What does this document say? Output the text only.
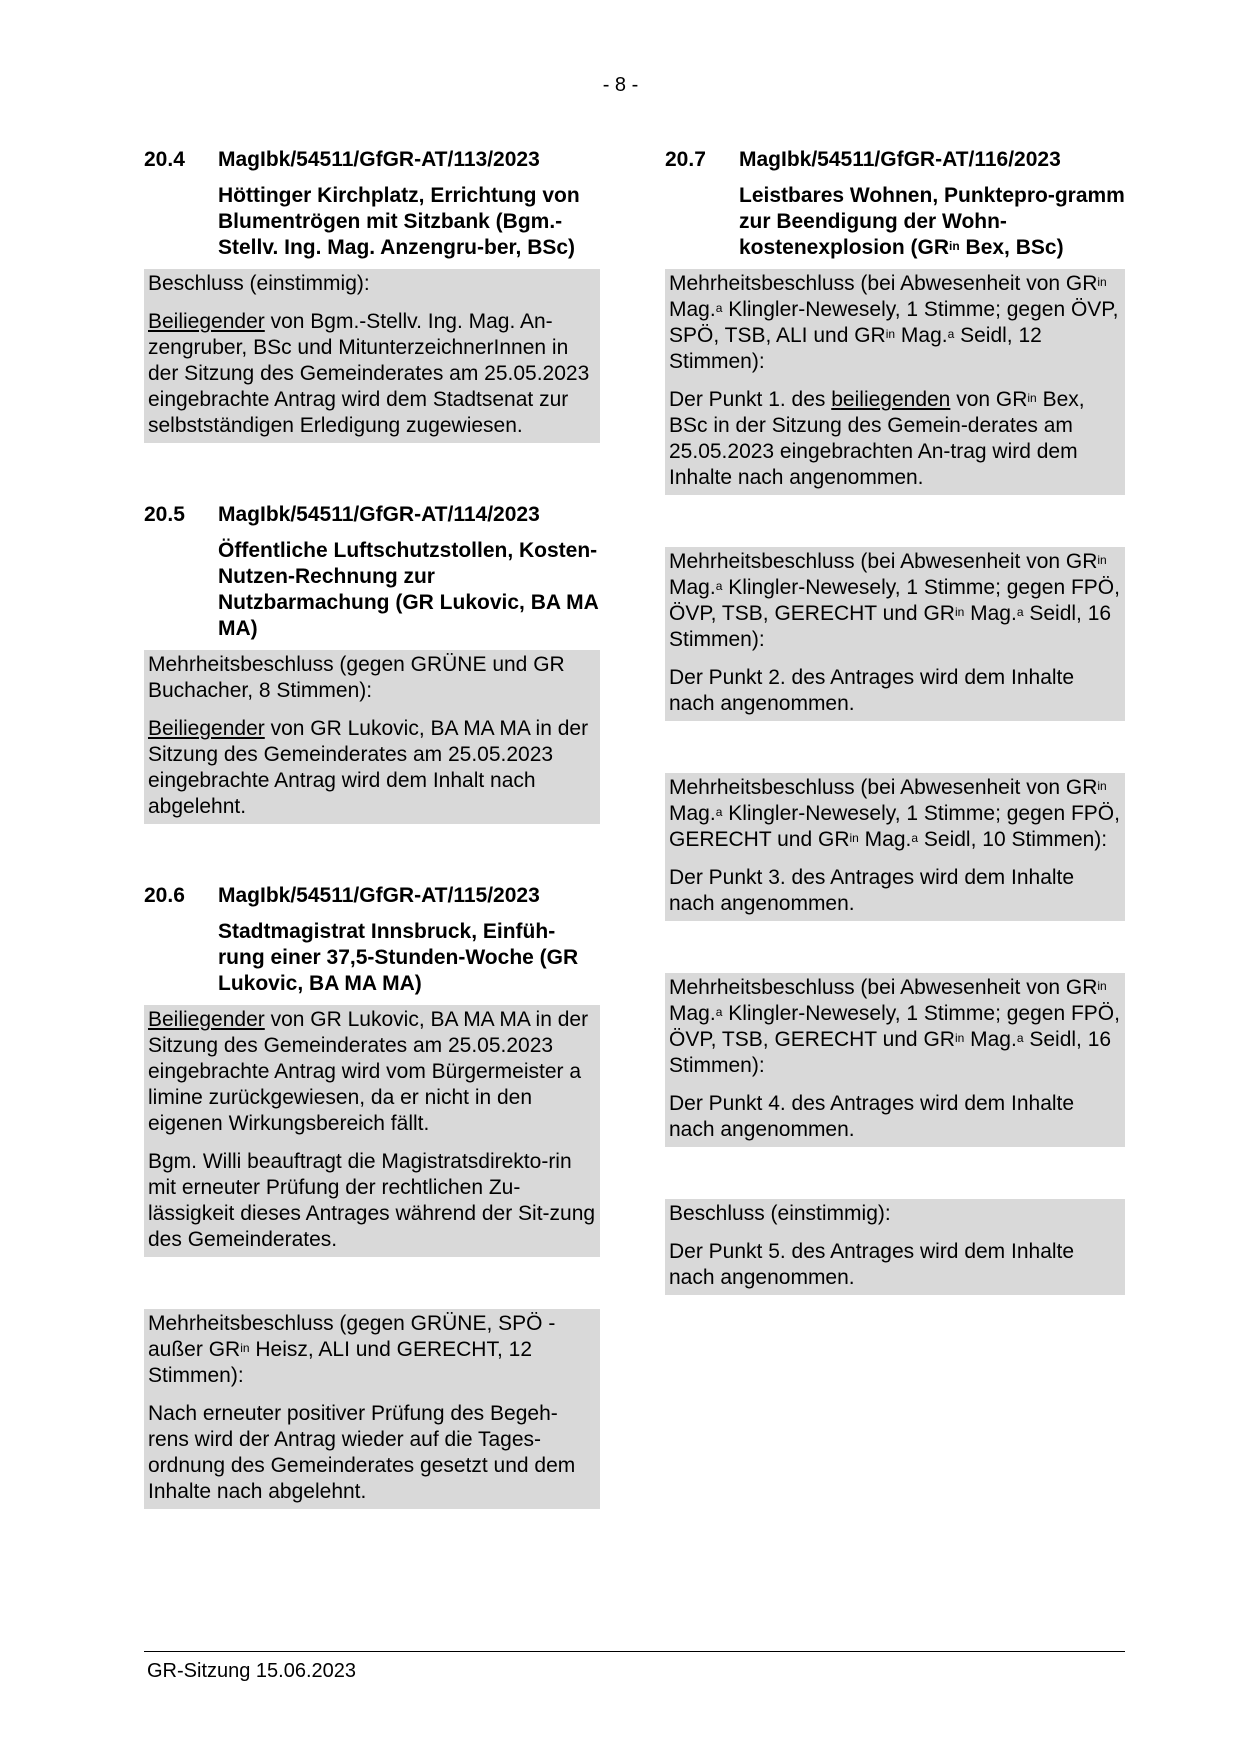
- 8 -
20.4	MagIbk/54511/GfGR-AT/113/2023
Höttinger Kirchplatz, Errichtung von Blumentrögen mit Sitzbank (Bgm.-Stellv. Ing. Mag. Anzengru-ber, BSc)

Beschluss (einstimmig):

Beiliegender von Bgm.-Stellv. Ing. Mag. An-zengruber, BSc und MitunterzeichnerInnen in der Sitzung des Gemeinderates am 25.05.2023 eingebrachte Antrag wird dem Stadtsenat zur selbstständigen Erledigung zugewiesen.

20.5	MagIbk/54511/GfGR-AT/114/2023
Öffentliche Luftschutzstollen, Kosten-Nutzen-Rechnung zur Nutzbarmachung (GR Lukovic, BA MA MA)

Mehrheitsbeschluss (gegen GRÜNE und GR Buchacher, 8 Stimmen):

Beiliegender von GR Lukovic, BA MA MA in der Sitzung des Gemeinderates am 25.05.2023 eingebrachte Antrag wird dem Inhalt nach abgelehnt.

20.6	MagIbk/54511/GfGR-AT/115/2023
Stadtmagistrat Innsbruck, Einfüh-rung einer 37,5-Stunden-Woche (GR Lukovic, BA MA MA)

Beiliegender von GR Lukovic, BA MA MA in der Sitzung des Gemeinderates am 25.05.2023 eingebrachte Antrag wird vom Bürgermeister a limine zurückgewiesen, da er nicht in den eigenen Wirkungsbereich fällt.

Bgm. Willi beauftragt die Magistratsdirekto-rin mit erneuter Prüfung der rechtlichen Zu-lässigkeit dieses Antrages während der Sit-zung des Gemeinderates.

Mehrheitsbeschluss (gegen GRÜNE, SPÖ - außer $GR^{in}$ Heisz, ALI und GERECHT, 12 Stimmen):

Nach erneuter positiver Prüfung des Begeh-rens wird der Antrag wieder auf die Tages-ordnung des Gemeinderates gesetzt und dem Inhalte nach abgelehnt.

20.7	MagIbk/54511/GfGR-AT/116/2023
Leistbares Wohnen, Punktepro-gramm zur Beendigung der Wohn-kostenexplosion ($GR^{in}$ Bex, BSc)

Mehrheitsbeschluss (bei Abwesenheit von $GR^{in}$ Mag.$^a$ Klingler-Newesely, 1 Stimme; gegen ÖVP, SPÖ, TSB, ALI und $GR^{in}$ Mag.$^a$ Seidl, 12 Stimmen):

Der Punkt 1. des beiliegenden von $GR^{in}$ Bex, BSc in der Sitzung des Gemein-derates am 25.05.2023 eingebrachten An-trag wird dem Inhalte nach angenommen.

Mehrheitsbeschluss (bei Abwesenheit von $GR^{in}$ Mag.$^a$ Klingler-Newesely, 1 Stimme; gegen FPÖ, ÖVP, TSB, GERECHT und $GR^{in}$ Mag.$^a$ Seidl, 16 Stimmen):

Der Punkt 2. des Antrages wird dem Inhalte nach angenommen.

Mehrheitsbeschluss (bei Abwesenheit von $GR^{in}$ Mag.$^a$ Klingler-Newesely, 1 Stimme; gegen FPÖ, GERECHT und $GR^{in}$ Mag.$^a$ Seidl, 10 Stimmen):

Der Punkt 3. des Antrages wird dem Inhalte nach angenommen.

Mehrheitsbeschluss (bei Abwesenheit von $GR^{in}$ Mag.$^a$ Klingler-Newesely, 1 Stimme; gegen FPÖ, ÖVP, TSB, GERECHT und $GR^{in}$ Mag.$^a$ Seidl, 16 Stimmen):

Der Punkt 4. des Antrages wird dem Inhalte nach angenommen.

Beschluss (einstimmig):

Der Punkt 5. des Antrages wird dem Inhalte nach angenommen.

GR-Sitzung 15.06.2023
